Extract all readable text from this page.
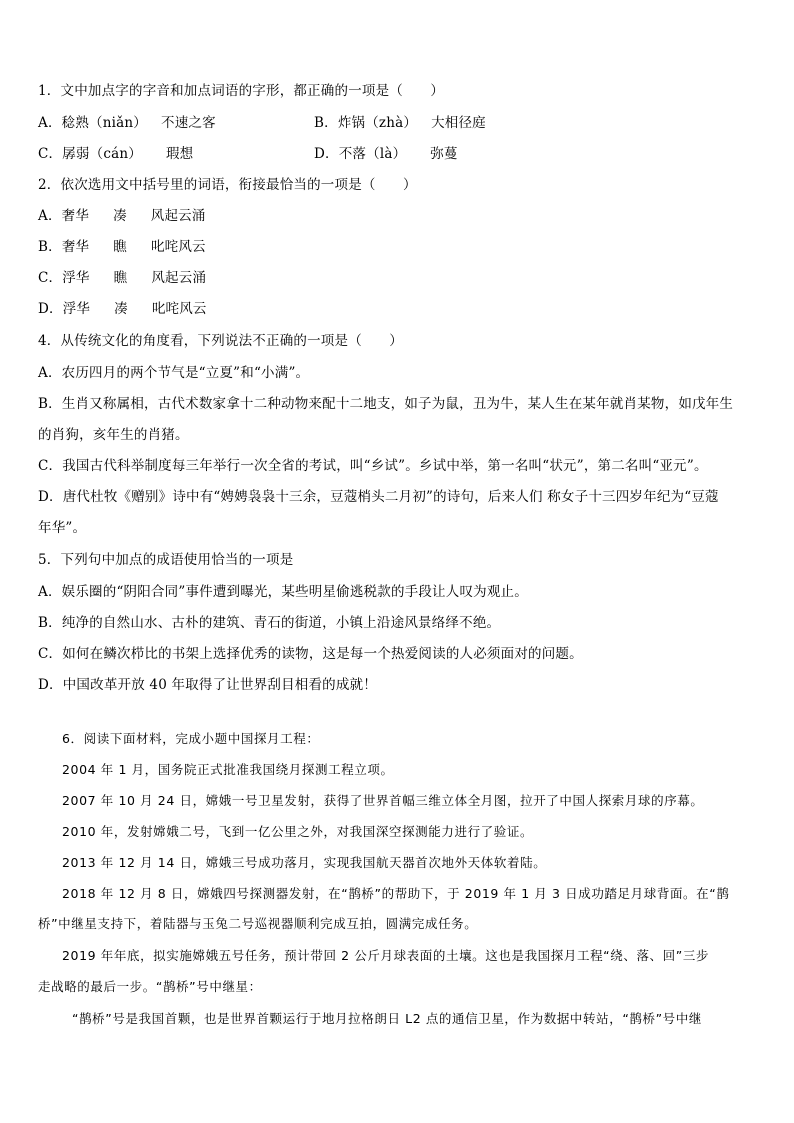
1．文中加点字的字音和加点词语的字形，都正确的一项是（　　）
A．稔熟（niǎn） 不速之客	B．炸锅（zhà） 大相径庭
C．孱弱（cán） 瑕想	D．不落（là） 弥蔓
2．依次选用文中括号里的词语，衔接最恰当的一项是（　　）
A．奢华 凑 风起云涌
B．奢华 瞧 叱咤风云
C．浮华 瞧 风起云涌
D．浮华 凑 叱咤风云
4．从传统文化的角度看，下列说法不正确的一项是（　　）
A．农历四月的两个节气是“立夏”和“小满”。
B．生肖又称属相，古代术数家拿十二种动物来配十二地支，如子为鼠，丑为牛，某人生在某年就肖某物，如戊年生
的肖狗，亥年生的肖猪。
C．我国古代科举制度每三年举行一次全省的考试，叫“乡试”。乡试中举，第一名叫“状元”，第二名叫“亚元”。
D．唐代杜牧《赠别》诗中有“娉娉袅袅十三余，豆蔻梢头二月初”的诗句，后来人们 称女子十三四岁年纪为“豆蔻
年华”。
5．下列句中加点的成语使用恰当的一项是
A．娱乐圈的“阴阳合同”事件遭到曝光，某些明星偷逃税款的手段让人叹为观止。
B．纯净的自然山水、古朴的建筑、青石的街道，小镇上沿途风景络绎不绝。
C．如何在鳞次栉比的书架上选择优秀的读物，这是每一个热爱阅读的人必须面对的问题。
D．中国改革开放 40 年取得了让世界刮目相看的成就！
6．阅读下面材料，完成小题中国探月工程：
2004 年 1 月，国务院正式批准我国绕月探测工程立项。
2007 年 10 月 24 日，嫦娥一号卫星发射，获得了世界首幅三维立体全月图，拉开了中国人探索月球的序幕。
2010 年，发射嫦娥二号，飞到一亿公里之外，对我国深空探测能力进行了验证。
2013 年 12 月 14 日，嫦娥三号成功落月，实现我国航天器首次地外天体软着陆。
2018 年 12 月 8 日，嫦娥四号探测器发射，在“鹊桥”的帮助下，于 2019 年 1 月 3 日成功踏足月球背面。在“鹊
桥”中继星支持下，着陆器与玉兔二号巡视器顺利完成互拍，圆满完成任务。
2019 年年底，拟实施嫦娥五号任务，预计带回 2 公斤月球表面的土壤。这也是我国探月工程“绕、落、回”三步
走战略的最后一步。“鹊桥”号中继星：
“鹊桥”号是我国首颗，也是世界首颗运行于地月拉格朗日 L2 点的通信卫星，作为数据中转站，“鹊桥”号中继
